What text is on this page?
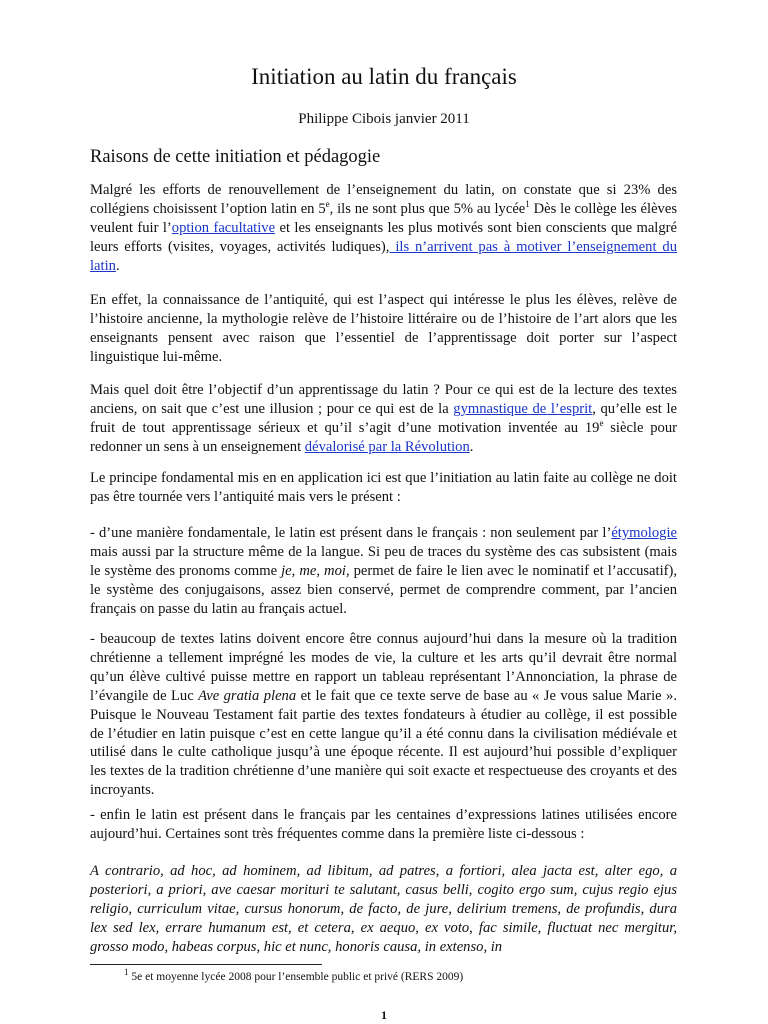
Initiation au latin du français
Philippe Cibois janvier 2011
Raisons de cette initiation et pédagogie

Malgré les efforts de renouvellement de l’enseignement du latin, on constate que si 23% des collégiens choisissent l’option latin en 5e, ils ne sont plus que 5% au lycée$^1$ Dès le collège les élèves veulent fuir l’option facultative et les enseignants les plus motivés sont bien conscients que malgré leurs efforts (visites, voyages, activités ludiques), ils n’arrivent pas à motiver l’enseignement du latin.

En effet, la connaissance de l’antiquité, qui est l’aspect qui intéresse le plus les élèves, relève de l’histoire ancienne, la mythologie relève de l’histoire littéraire ou de l’histoire de l’art alors que les enseignants pensent avec raison que l’essentiel de l’apprentissage doit porter sur l’aspect linguistique lui-même.

Mais quel doit être l’objectif d’un apprentissage du latin ? Pour ce qui est de la lecture des textes anciens, on sait que c’est une illusion ; pour ce qui est de la gymnastique de l’esprit, qu’elle est le fruit de tout apprentissage sérieux et qu’il s’agit d’une motivation inventée au 19e siècle pour redonner un sens à un enseignement dévalorisé par la Révolution.

Le principe fondamental mis en en application ici est que l’initiation au latin faite au collège ne doit pas être tournée vers l’antiquité mais vers le présent :

- d’une manière fondamentale, le latin est présent dans le français : non seulement par l’étymologie mais aussi par la structure même de la langue. Si peu de traces du système des cas subsistent (mais le système des pronoms comme je, me, moi, permet de faire le lien avec le nominatif et l’accusatif), le système des conjugaisons, assez bien conservé, permet de comprendre comment, par l’ancien français on passe du latin au français actuel.

- beaucoup de textes latins doivent encore être connus aujourd’hui dans la mesure où la tradition chrétienne a tellement imprégné les modes de vie, la culture et les arts qu’il devrait être normal qu’un élève cultivé puisse mettre en rapport un tableau représentant l’Annonciation, la phrase de l’évangile de Luc Ave gratia plena et le fait que ce texte serve de base au « Je vous salue Marie ». Puisque le Nouveau Testament fait partie des textes fondateurs à étudier au collège, il est possible de l’étudier en latin puisque c’est en cette langue qu’il a été connu dans la civilisation médiévale et utilisé dans le culte catholique jusqu’à une époque récente. Il est aujourd’hui possible d’expliquer les textes de la tradition chrétienne d’une manière qui soit exacte et respectueuse des croyants et des incroyants.

- enfin le latin est présent dans le français par les centaines d’expressions latines utilisées encore aujourd’hui. Certaines sont très fréquentes comme dans la première liste ci-dessous :

A contrario, ad hoc, ad hominem, ad libitum, ad patres, a fortiori, alea jacta est, alter ego, a posteriori, a priori, ave caesar morituri te salutant, casus belli, cogito ergo sum, cujus regio ejus religio, curriculum vitae, cursus honorum, de facto, de jure, delirium tremens, de profundis, dura lex sed lex, errare humanum est, et cetera, ex aequo, ex voto, fac simile, fluctuat nec mergitur, grosso modo, habeas corpus, hic et nunc, honoris causa, in extenso, in

$^1$ 5e et moyenne lycée 2008 pour l’ensemble public et privé (RERS 2009)
1
